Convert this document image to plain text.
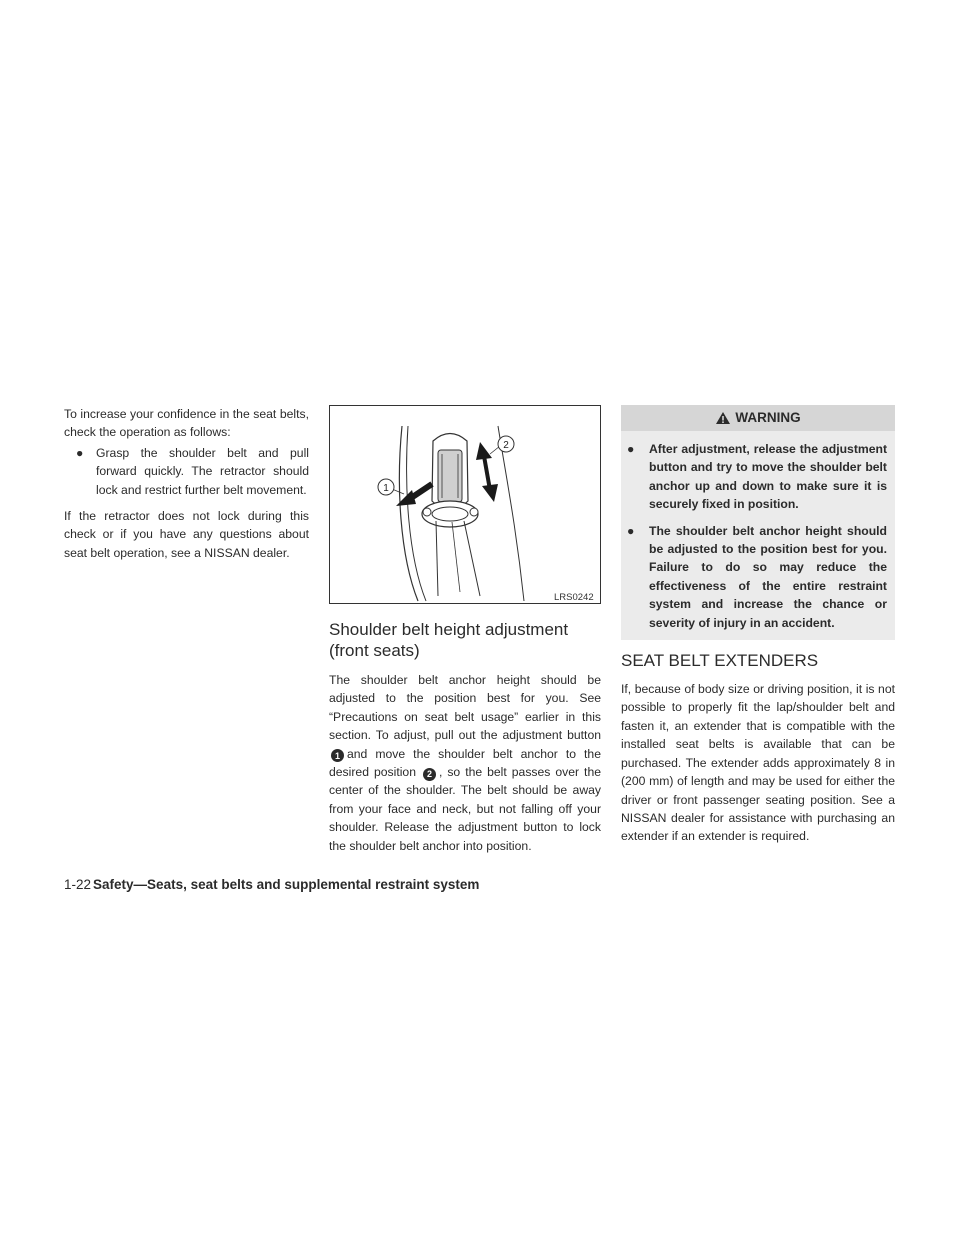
To increase your confidence in the seat belts, check the operation as follows:

●	Grasp the shoulder belt and pull forward quickly. The retractor should lock and restrict further belt movement.

If the retractor does not lock during this check or if you have any questions about seat belt operation, see a NISSAN dealer.

1
2
LRS0242
Shoulder belt height adjustment (front seats)

The shoulder belt anchor height should be adjusted to the position best for you. See “Precautions on seat belt usage” earlier in this section. To adjust, pull out the adjustment button 1 and move the shoulder belt anchor to the desired position 2 , so the belt passes over the center of the shoulder. The belt should be away from your face and neck, but not falling off your shoulder. Release the adjustment button to lock the shoulder belt anchor into position.

WARNING
●	After adjustment, release the adjustment button and try to move the shoulder belt anchor up and down to make sure it is securely fixed in position.
●	The shoulder belt anchor height should be adjusted to the position best for you. Failure to do so may reduce the effectiveness of the entire restraint system and increase the chance or severity of injury in an accident.
SEAT BELT EXTENDERS

If, because of body size or driving position, it is not possible to properly fit the lap/shoulder belt and fasten it, an extender that is compatible with the installed seat belts is available that can be purchased. The extender adds approximately 8 in (200 mm) of length and may be used for either the driver or front passenger seating position. See a NISSAN dealer for assistance with purchasing an extender if an extender is required.

1-22 Safety—Seats, seat belts and supplemental restraint system
